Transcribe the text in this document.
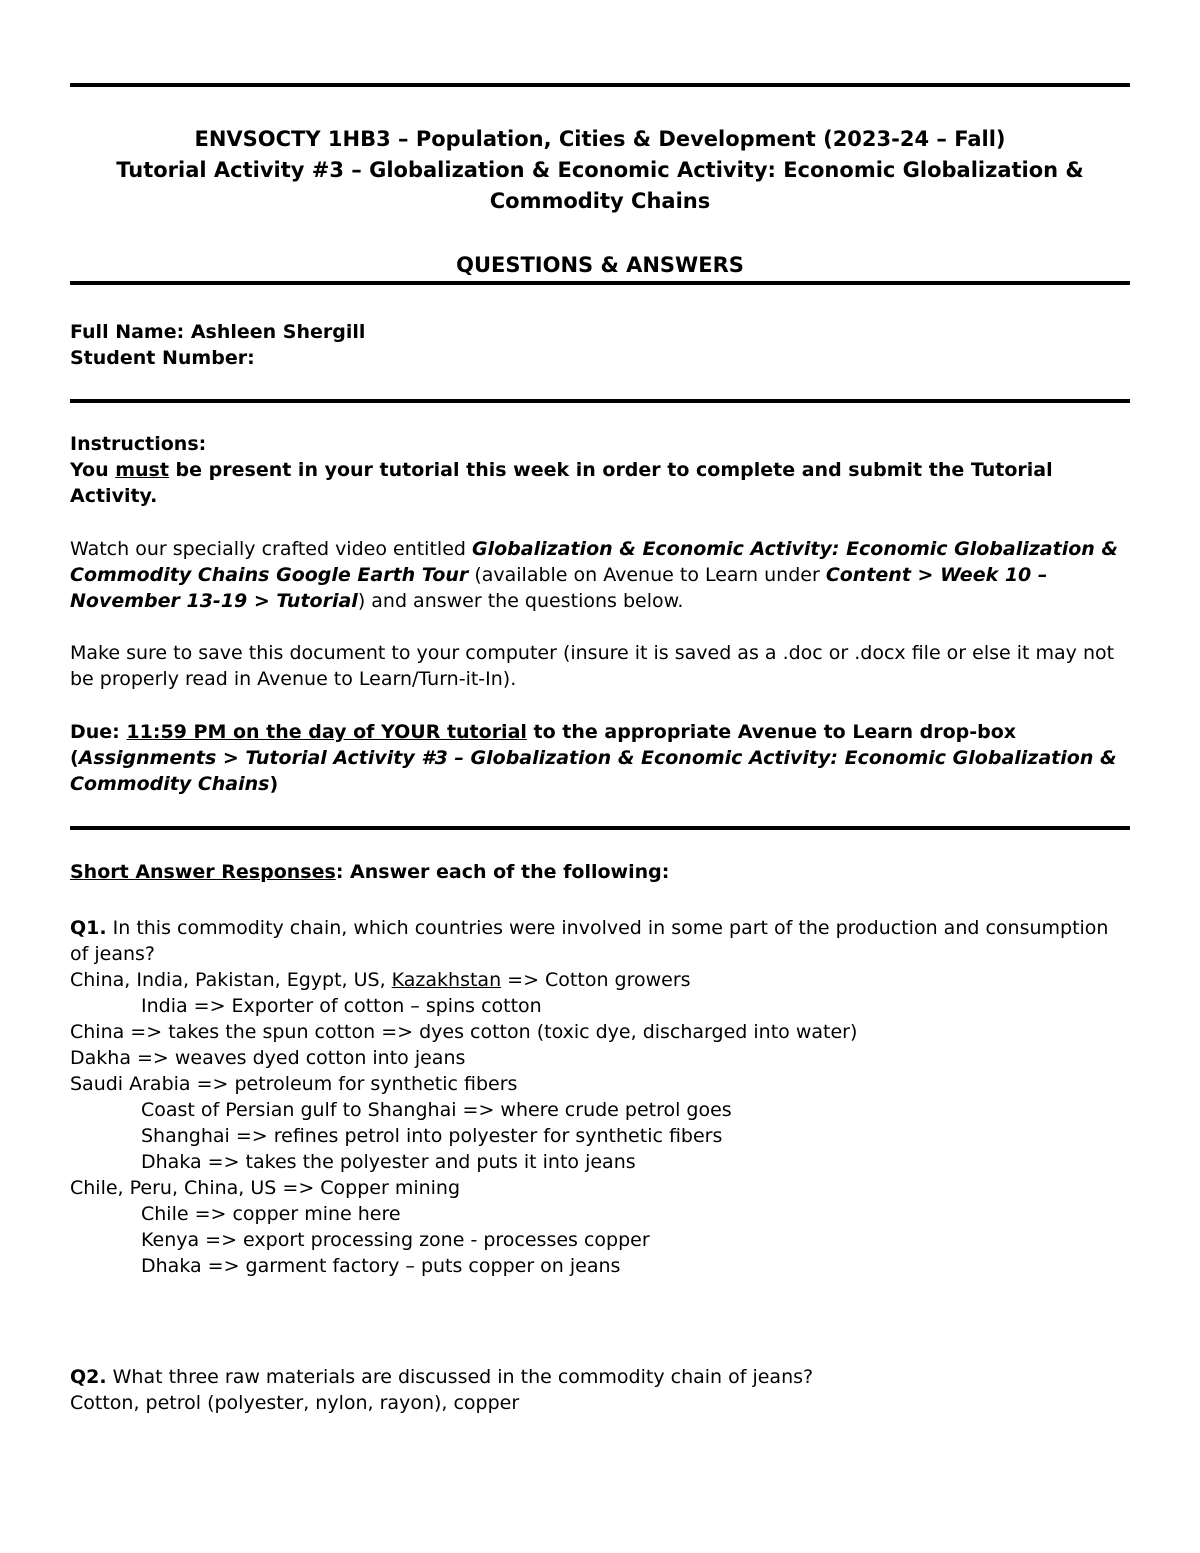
ENVSOCTY 1HB3 – Population, Cities & Development (2023-24 – Fall)

Tutorial Activity #3 – Globalization & Economic Activity: Economic Globalization & Commodity Chains

QUESTIONS & ANSWERS

Full Name: Ashleen Shergill

Student Number:

Instructions:

You must be present in your tutorial this week in order to complete and submit the Tutorial Activity.

Watch our specially crafted video entitled Globalization & Economic Activity: Economic Globalization & Commodity Chains Google Earth Tour (available on Avenue to Learn under Content > Week 10 – November 13-19 > Tutorial) and answer the questions below.

Make sure to save this document to your computer (insure it is saved as a .doc or .docx file or else it may not be properly read in Avenue to Learn/Turn-it-In).

Due: 11:59 PM on the day of YOUR tutorial to the appropriate Avenue to Learn drop-box (Assignments > Tutorial Activity #3 – Globalization & Economic Activity: Economic Globalization & Commodity Chains)

Short Answer Responses: Answer each of the following:

Q1. In this commodity chain, which countries were involved in some part of the production and consumption of jeans?

China, India, Pakistan, Egypt, US, Kazakhstan => Cotton growers

India => Exporter of cotton – spins cotton

China => takes the spun cotton => dyes cotton (toxic dye, discharged into water)

Dakha => weaves dyed cotton into jeans

Saudi Arabia => petroleum for synthetic fibers

Coast of Persian gulf to Shanghai => where crude petrol goes

Shanghai => refines petrol into polyester for synthetic fibers

Dhaka => takes the polyester and puts it into jeans

Chile, Peru, China, US => Copper mining

Chile => copper mine here

Kenya => export processing zone - processes copper

Dhaka => garment factory – puts copper on jeans

Q2. What three raw materials are discussed in the commodity chain of jeans?

Cotton, petrol (polyester, nylon, rayon), copper
